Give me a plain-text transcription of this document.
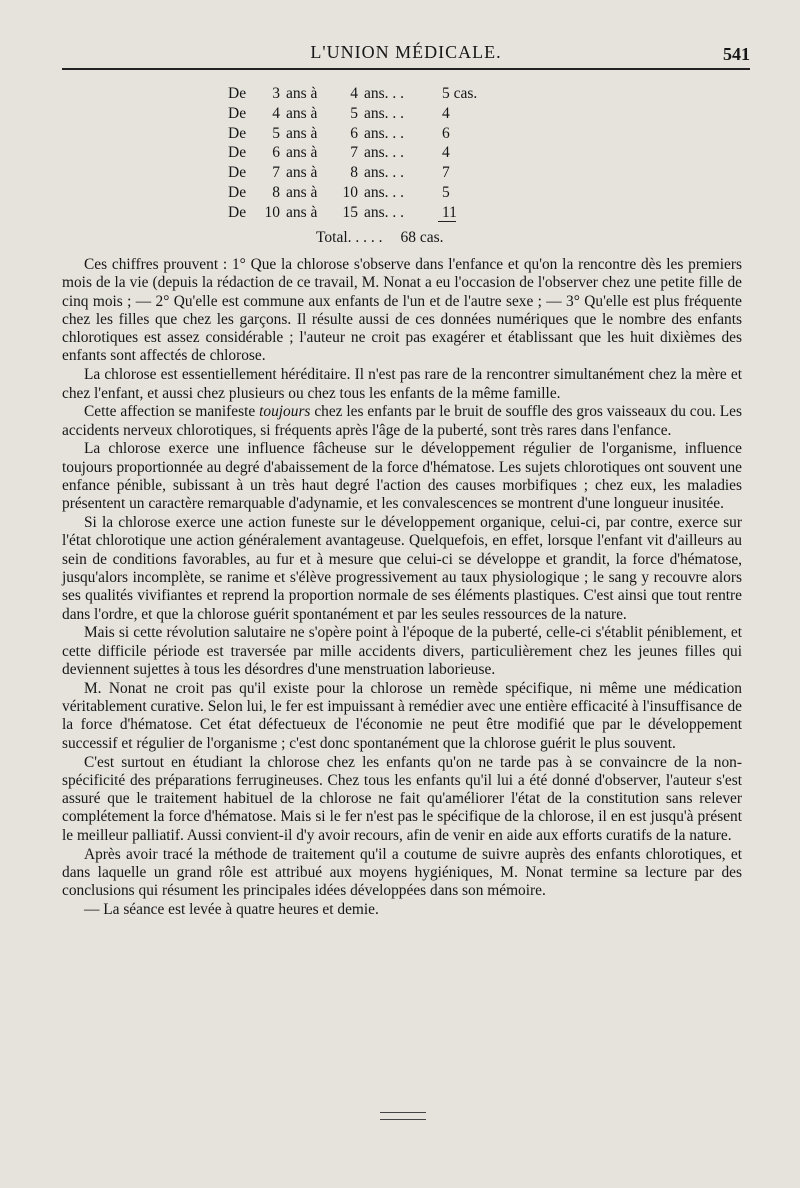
L'UNION MÉDICALE.	541
De	3	ans à	4	ans. . .	5 cas.
De	4	ans à	5	ans. . .	4
De	5	ans à	6	ans. . .	6
De	6	ans à	7	ans. . .	4
De	7	ans à	8	ans. . .	7
De	8	ans à	10	ans. . .	5
De	10	ans à	15	ans. . .	11
Total. . . . . 68 cas.

Ces chiffres prouvent : 1° Que la chlorose s'observe dans l'enfance et qu'on la rencontre dès les premiers mois de la vie (depuis la rédaction de ce travail, M. Nonat a eu l'occasion de l'observer chez une petite fille de cinq mois ; — 2° Qu'elle est commune aux enfants de l'un et de l'autre sexe ; — 3° Qu'elle est plus fréquente chez les filles que chez les garçons. Il résulte aussi de ces données numériques que le nombre des enfants chlorotiques est assez considérable ; l'auteur ne croit pas exagérer et établissant que les huit dixièmes des enfants sont affectés de chlorose.

La chlorose est essentiellement héréditaire. Il n'est pas rare de la rencontrer simultanément chez la mère et chez l'enfant, et aussi chez plusieurs ou chez tous les enfants de la même famille.

Cette affection se manifeste toujours chez les enfants par le bruit de souffle des gros vaisseaux du cou. Les accidents nerveux chlorotiques, si fréquents après l'âge de la puberté, sont très rares dans l'enfance.

La chlorose exerce une influence fâcheuse sur le développement régulier de l'organisme, influence toujours proportionnée au degré d'abaissement de la force d'hématose. Les sujets chlorotiques ont souvent une enfance pénible, subissant à un très haut degré l'action des causes morbifiques ; chez eux, les maladies présentent un caractère remarquable d'adynamie, et les convalescences se montrent d'une longueur inusitée.

Si la chlorose exerce une action funeste sur le développement organique, celui-ci, par contre, exerce sur l'état chlorotique une action généralement avantageuse. Quelquefois, en effet, lorsque l'enfant vit d'ailleurs au sein de conditions favorables, au fur et à mesure que celui-ci se développe et grandit, la force d'hématose, jusqu'alors incomplète, se ranime et s'élève progressivement au taux physiologique ; le sang y recouvre alors ses qualités vivifiantes et reprend la proportion normale de ses éléments plastiques. C'est ainsi que tout rentre dans l'ordre, et que la chlorose guérit spontanément et par les seules ressources de la nature.

Mais si cette révolution salutaire ne s'opère point à l'époque de la puberté, celle-ci s'établit péniblement, et cette difficile période est traversée par mille accidents divers, particulièrement chez les jeunes filles qui deviennent sujettes à tous les désordres d'une menstruation laborieuse.

M. Nonat ne croit pas qu'il existe pour la chlorose un remède spécifique, ni même une médication véritablement curative. Selon lui, le fer est impuissant à remédier avec une entière efficacité à l'insuffisance de la force d'hématose. Cet état défectueux de l'économie ne peut être modifié que par le développement successif et régulier de l'organisme ; c'est donc spontanément que la chlorose guérit le plus souvent.

C'est surtout en étudiant la chlorose chez les enfants qu'on ne tarde pas à se convaincre de la non-spécificité des préparations ferrugineuses. Chez tous les enfants qu'il lui a été donné d'observer, l'auteur s'est assuré que le traitement habituel de la chlorose ne fait qu'améliorer l'état de la constitution sans relever complétement la force d'hématose. Mais si le fer n'est pas le spécifique de la chlorose, il en est jusqu'à présent le meilleur palliatif. Aussi convient-il d'y avoir recours, afin de venir en aide aux efforts curatifs de la nature.

Après avoir tracé la méthode de traitement qu'il a coutume de suivre auprès des enfants chlorotiques, et dans laquelle un grand rôle est attribué aux moyens hygiéniques, M. Nonat termine sa lecture par des conclusions qui résument les principales idées développées dans son mémoire.

— La séance est levée à quatre heures et demie.
